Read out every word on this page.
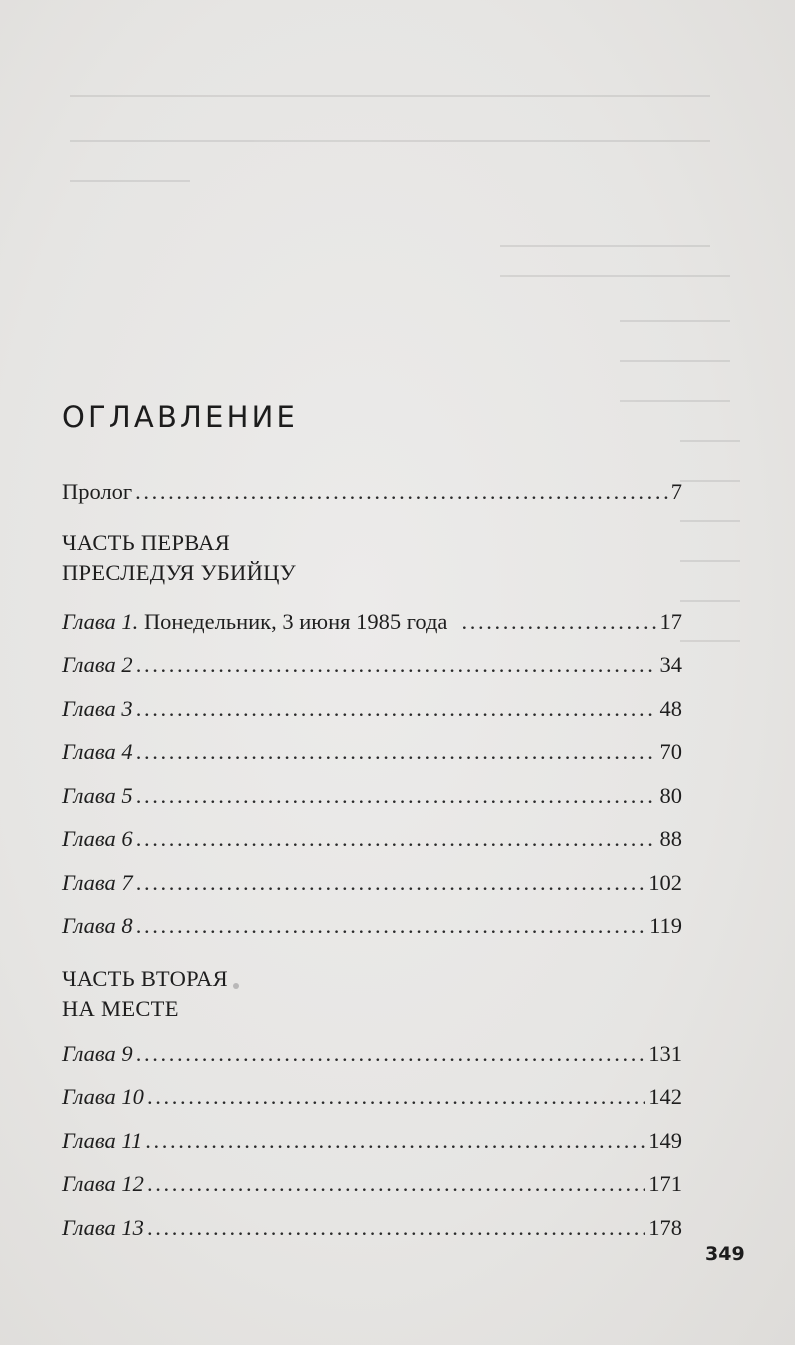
ОГЛАВЛЕНИЕ
Пролог . . .	7
ЧАСТЬ ПЕРВАЯ
ПРЕСЛЕДУЯ УБИЙЦУ
Глава 1. Понедельник, 3 июня 1985 года . . .	17
Глава 2 . . .	34
Глава 3 . . .	48
Глава 4 . . .	70
Глава 5 . . .	80
Глава 6 . . .	88
Глава 7 . . .	102
Глава 8 . . .	119
ЧАСТЬ ВТОРАЯ
НА МЕСТЕ
Глава 9 . . .	131
Глава 10 . . .	142
Глава 11 . . .	149
Глава 12 . . .	171
Глава 13 . . .	178
349
